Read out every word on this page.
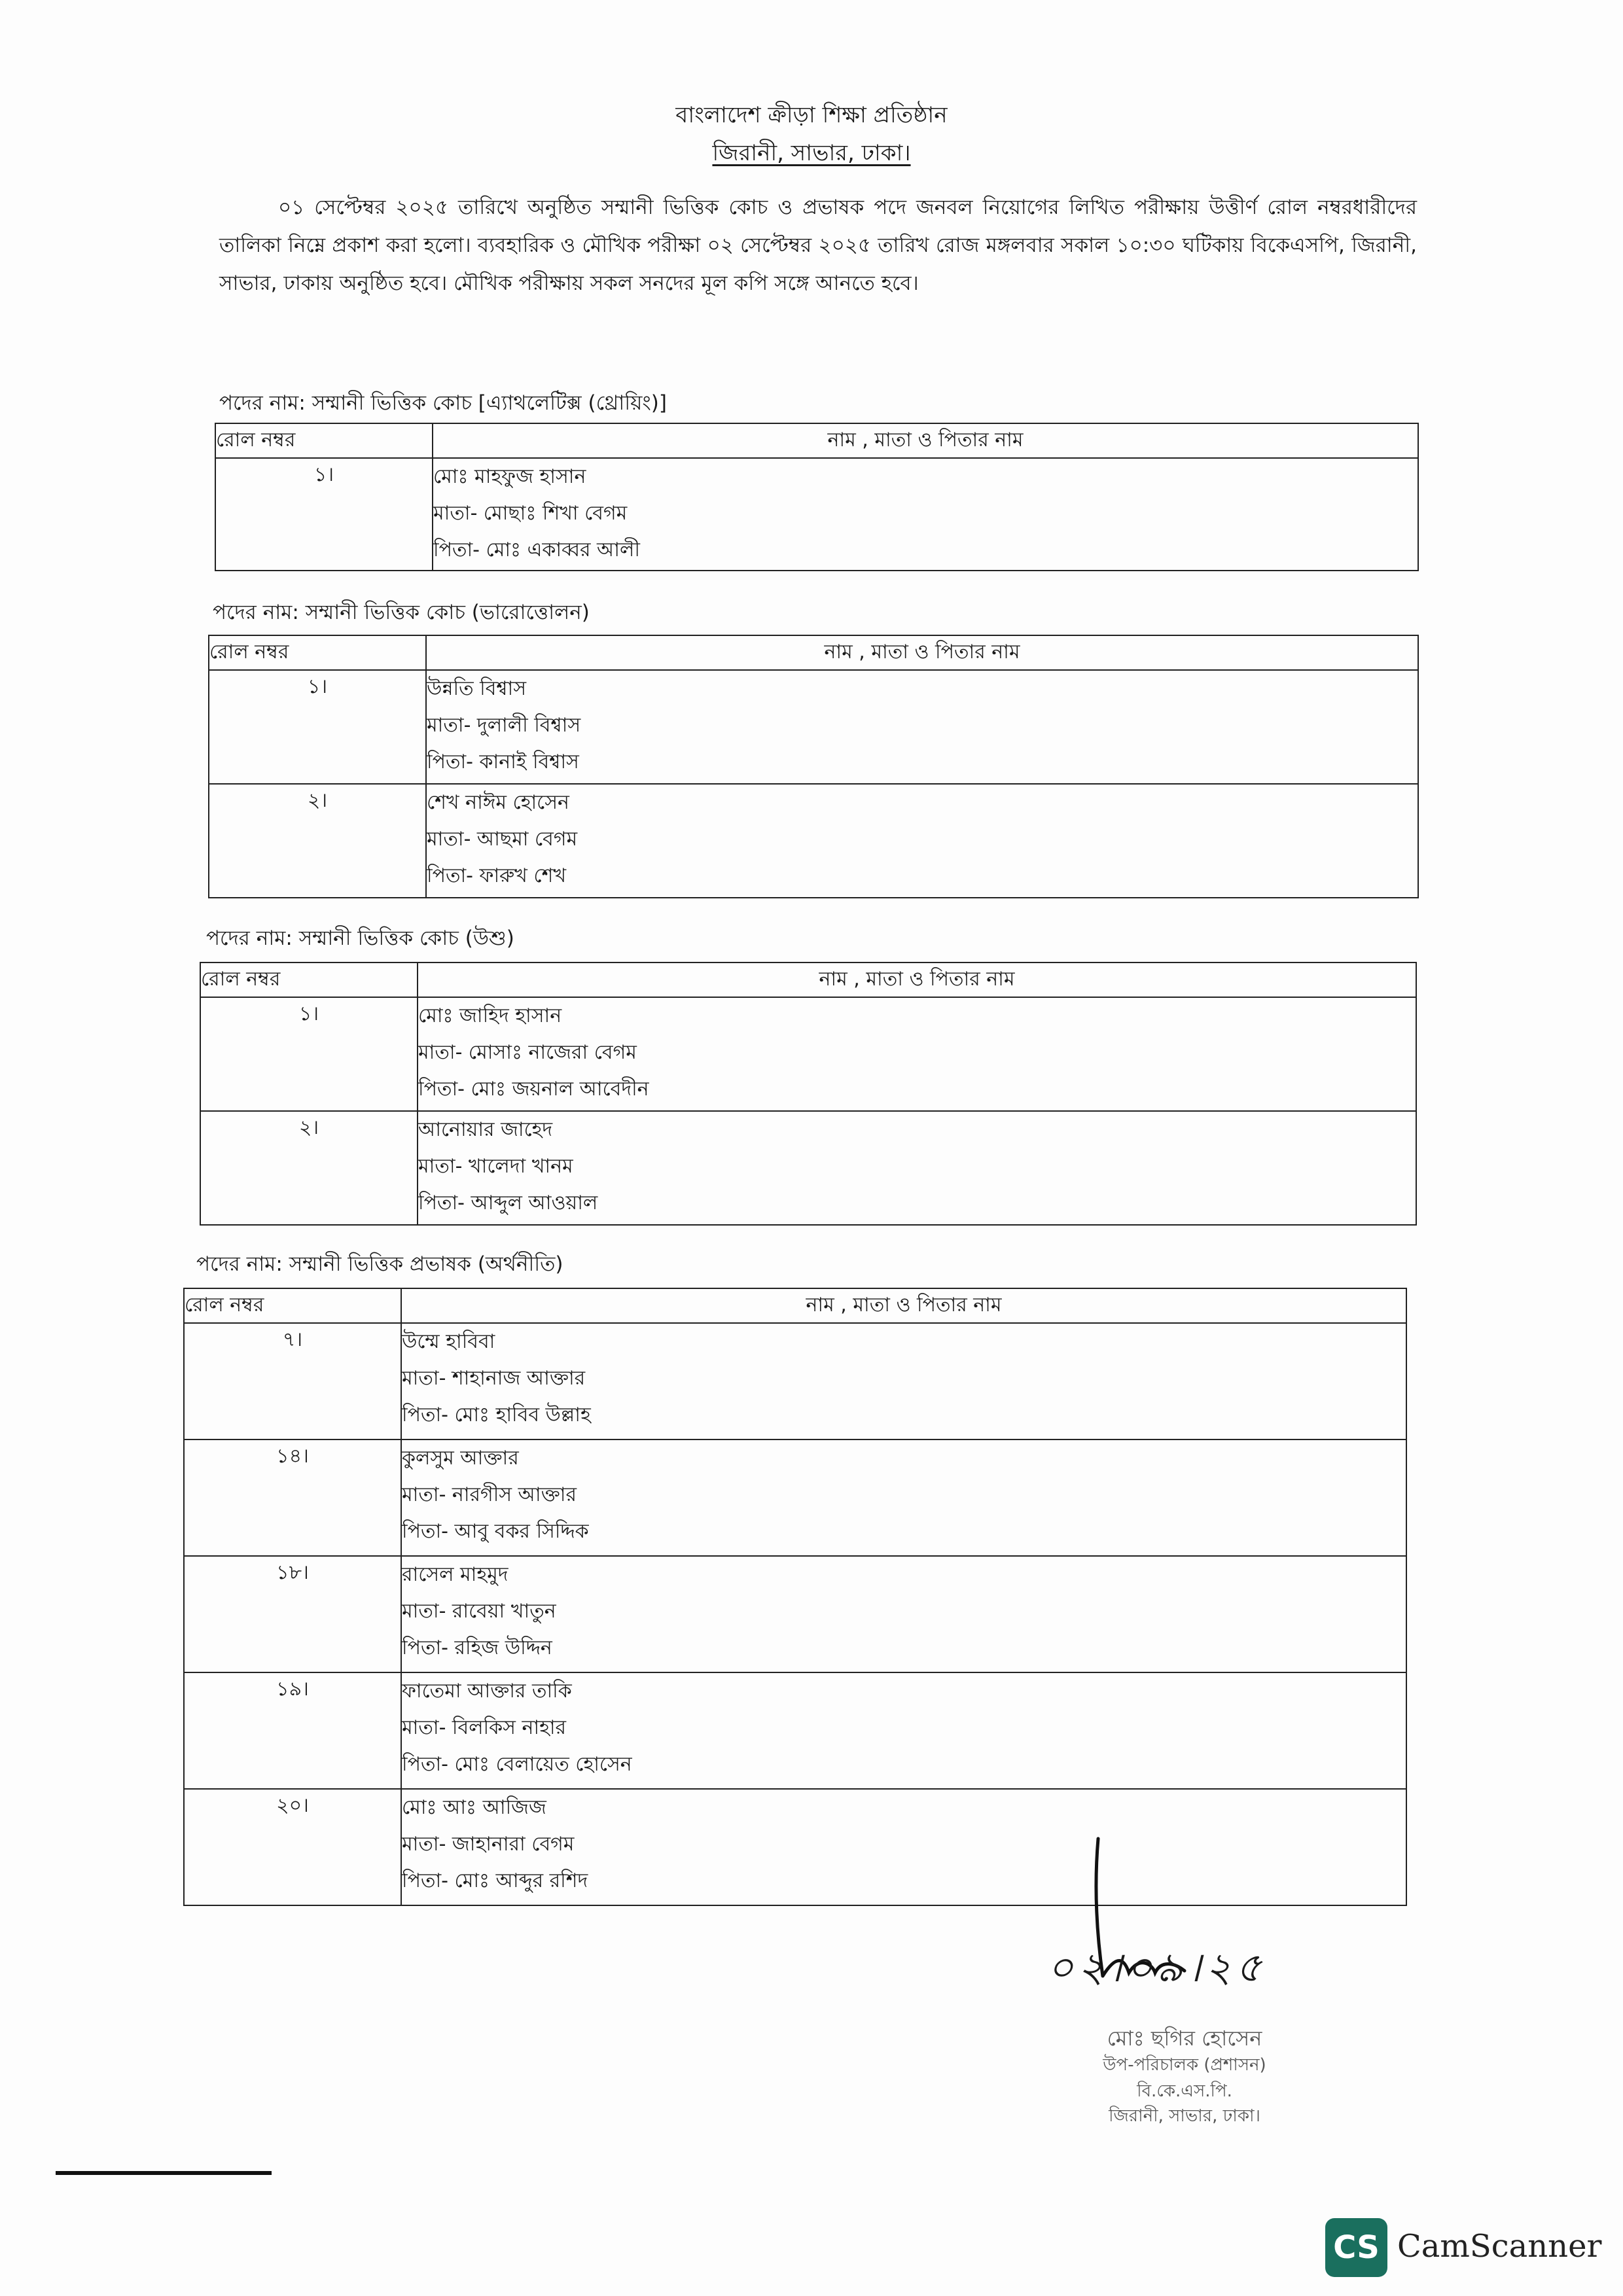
বাংলাদেশ ক্রীড়া শিক্ষা প্রতিষ্ঠান
জিরানী, সাভার, ঢাকা।
০১ সেপ্টেম্বর ২০২৫ তারিখে অনুষ্ঠিত সম্মানী ভিত্তিক কোচ ও প্রভাষক পদে জনবল নিয়োগের লিখিত পরীক্ষায় উত্তীর্ণ রোল নম্বরধারীদের তালিকা নিম্নে প্রকাশ করা হলো। ব্যবহারিক ও মৌখিক পরীক্ষা ০২ সেপ্টেম্বর ২০২৫ তারিখ রোজ মঙ্গলবার সকাল ১০:৩০ ঘটিকায় বিকেএসপি, জিরানী, সাভার, ঢাকায় অনুষ্ঠিত হবে। মৌখিক পরীক্ষায় সকল সনদের মূল কপি সঙ্গে আনতে হবে।
পদের নাম: সম্মানী ভিত্তিক কোচ [এ্যাথলেটিক্স (থ্রোয়িং)]
রোল নম্বর	নাম , মাতা ও পিতার নাম
১।	মোঃ মাহফুজ হাসান
মাতা- মোছাঃ শিখা বেগম
পিতা- মোঃ একাব্বর আলী
পদের নাম: সম্মানী ভিত্তিক কোচ (ভারোত্তোলন)
রোল নম্বর	নাম , মাতা ও পিতার নাম
১।	উন্নতি বিশ্বাস
মাতা- দুলালী বিশ্বাস
পিতা- কানাই বিশ্বাস

২।	শেখ নাঈম হোসেন
মাতা- আছমা বেগম
পিতা- ফারুখ শেখ
পদের নাম: সম্মানী ভিত্তিক কোচ (উশু)
রোল নম্বর	নাম , মাতা ও পিতার নাম
১।	মোঃ জাহিদ হাসান
মাতা- মোসাঃ নাজেরা বেগম
পিতা- মোঃ জয়নাল আবেদীন

২।	আনোয়ার জাহেদ
মাতা- খালেদা খানম
পিতা- আব্দুল আওয়াল
পদের নাম: সম্মানী ভিত্তিক প্রভাষক (অর্থনীতি)
রোল নম্বর	নাম , মাতা ও পিতার নাম
৭।	উম্মে হাবিবা
মাতা- শাহানাজ আক্তার
পিতা- মোঃ হাবিব উল্লাহ

১৪।	কুলসুম আক্তার
মাতা- নারগীস আক্তার
পিতা- আবু বকর সিদ্দিক

১৮।	রাসেল মাহমুদ
মাতা- রাবেয়া খাতুন
পিতা- রহিজ উদ্দিন

১৯।	ফাতেমা আক্তার তাকি
মাতা- বিলকিস নাহার
পিতা- মোঃ বেলায়েত হোসেন

২০।	মোঃ আঃ আজিজ
মাতা- জাহানারা বেগম
পিতা- মোঃ আব্দুর রশিদ
০২।০৯।২৫
মোঃ ছগির হোসেন
উপ-পরিচালক (প্রশাসন)
বি.কে.এস.পি.
জিরানী, সাভার, ঢাকা।
CS CamScanner
